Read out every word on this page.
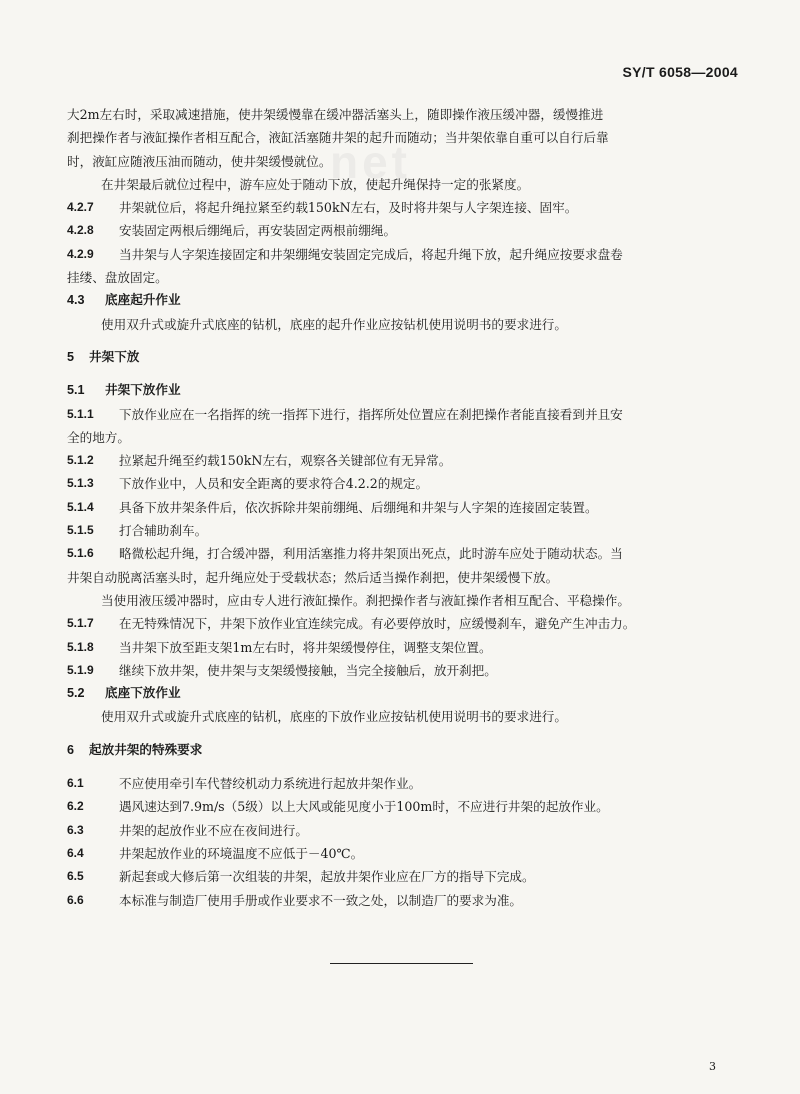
net
SY/T 6058—2004

大2m左右时，采取减速措施，使井架缓慢靠在缓冲器活塞头上，随即操作液压缓冲器，缓慢推进

刹把操作者与液缸操作者相互配合，液缸活塞随井架的起升而随动；当井架依靠自重可以自行后靠

时，液缸应随液压油而随动，使井架缓慢就位。

在井架最后就位过程中，游车应处于随动下放，使起升绳保持一定的张紧度。

4.2.7	井架就位后，将起升绳拉紧至约载150kN左右，及时将井架与人字架连接、固牢。
4.2.8	安装固定两根后绷绳后，再安装固定两根前绷绳。
4.2.9	当井架与人字架连接固定和井架绷绳安装固定完成后，将起升绳下放，起升绳应按要求盘卷

挂缕、盘放固定。

4.3 底座起升作业

使用双升式或旋升式底座的钻机，底座的起升作业应按钻机使用说明书的要求进行。

5 井架下放
5.1 井架下放作业
5.1.1	下放作业应在一名指挥的统一指挥下进行，指挥所处位置应在刹把操作者能直接看到并且安

全的地方。

5.1.2	拉紧起升绳至约载150kN左右，观察各关键部位有无异常。
5.1.3	下放作业中，人员和安全距离的要求符合4.2.2的规定。
5.1.4	具备下放井架条件后，依次拆除井架前绷绳、后绷绳和井架与人字架的连接固定装置。
5.1.5	打合辅助刹车。
5.1.6	略微松起升绳，打合缓冲器，利用活塞推力将井架顶出死点，此时游车应处于随动状态。当

井架自动脱离活塞头时，起升绳应处于受载状态；然后适当操作刹把，使井架缓慢下放。

当使用液压缓冲器时，应由专人进行液缸操作。刹把操作者与液缸操作者相互配合、平稳操作。

5.1.7	在无特殊情况下，井架下放作业宜连续完成。有必要停放时，应缓慢刹车，避免产生冲击力。
5.1.8	当井架下放至距支架1m左右时，将井架缓慢停住，调整支架位置。
5.1.9	继续下放井架，使井架与支架缓慢接触，当完全接触后，放开刹把。
5.2 底座下放作业

使用双升式或旋升式底座的钻机，底座的下放作业应按钻机使用说明书的要求进行。

6 起放井架的特殊要求
6.1	不应使用牵引车代替绞机动力系统进行起放井架作业。
6.2	遇风速达到7.9m/s（5级）以上大风或能见度小于100m时，不应进行井架的起放作业。
6.3	井架的起放作业不应在夜间进行。
6.4	井架起放作业的环境温度不应低于－40℃。
6.5	新起套或大修后第一次组装的井架，起放井架作业应在厂方的指导下完成。
6.6	本标准与制造厂使用手册或作业要求不一致之处，以制造厂的要求为准。
3
